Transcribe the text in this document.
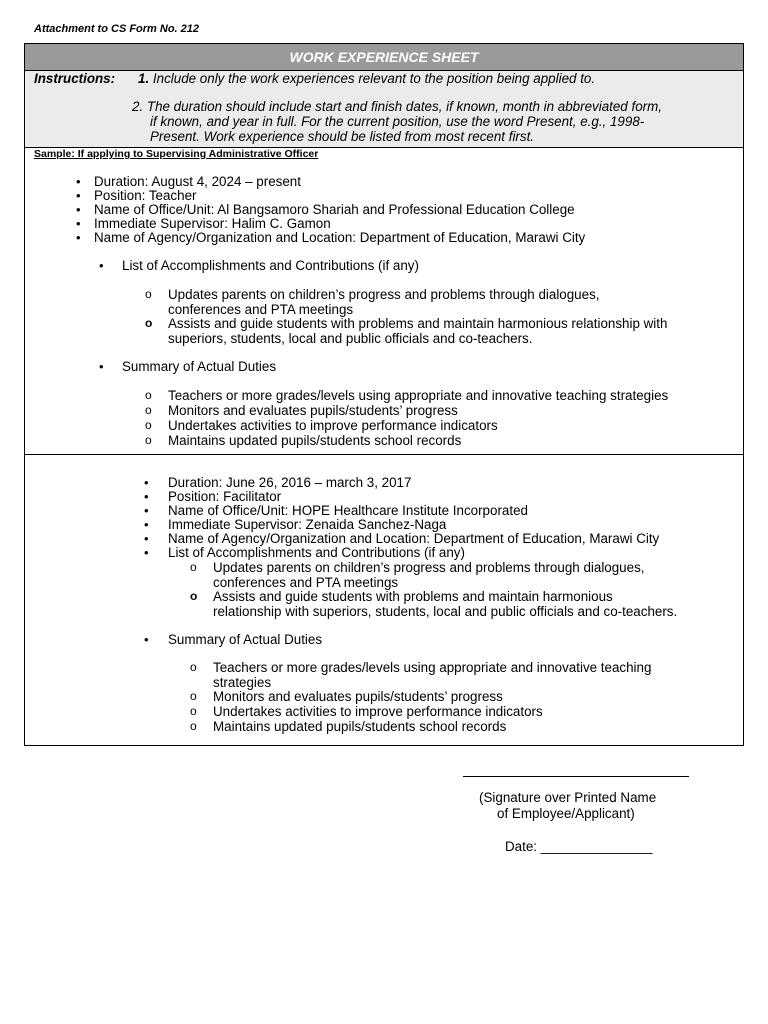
Attachment to CS Form No. 212
WORK EXPERIENCE SHEET
Instructions: 1. Include only the work experiences relevant to the position being applied to.
2. The duration should include start and finish dates, if known, month in abbreviated form,
if known, and year in full. For the current position, use the word Present, e.g., 1998-
Present. Work experience should be listed from most recent first.
Sample: If applying to Supervising Administrative Officer
• Duration: August 4, 2024 – present
• Position: Teacher
• Name of Office/Unit: Al Bangsamoro Shariah and Professional Education College
• Immediate Supervisor: Halim C. Gamon
• Name of Agency/Organization and Location: Department of Education, Marawi City
• List of Accomplishments and Contributions (if any)
o Updates parents on children’s progress and problems through dialogues,
conferences and PTA meetings
o Assists and guide students with problems and maintain harmonious relationship with
superiors, students, local and public officials and co-teachers.
• Summary of Actual Duties
o Teachers or more grades/levels using appropriate and innovative teaching strategies
o Monitors and evaluates pupils/students’ progress
o Undertakes activities to improve performance indicators
o Maintains updated pupils/students school records
• Duration: June 26, 2016 – march 3, 2017
• Position: Facilitator
• Name of Office/Unit: HOPE Healthcare Institute Incorporated
• Immediate Supervisor: Zenaida Sanchez-Naga
• Name of Agency/Organization and Location: Department of Education, Marawi City
• List of Accomplishments and Contributions (if any)
o Updates parents on children’s progress and problems through dialogues,
conferences and PTA meetings
o Assists and guide students with problems and maintain harmonious
relationship with superiors, students, local and public officials and co-teachers.
• Summary of Actual Duties
o Teachers or more grades/levels using appropriate and innovative teaching
strategies
o Monitors and evaluates pupils/students’ progress
o Undertakes activities to improve performance indicators
o Maintains updated pupils/students school records
(Signature over Printed Name
of Employee/Applicant)
Date: _______________
